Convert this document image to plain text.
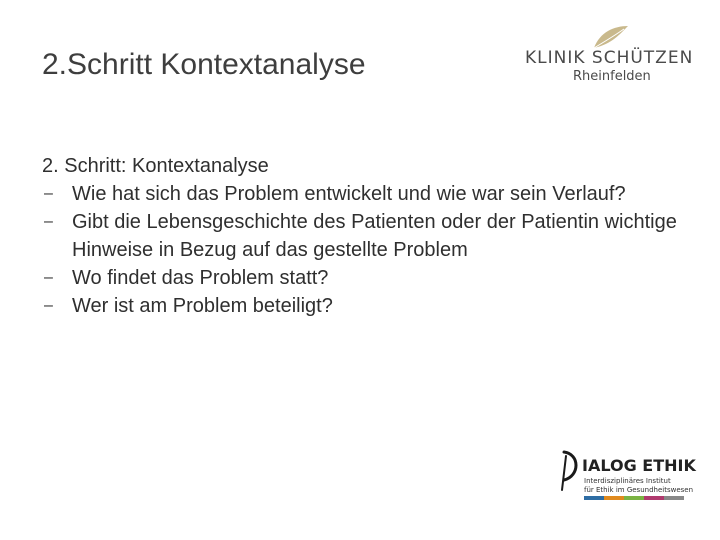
2.Schritt Kontextanalyse	KLINIK SCHÜTZEN
Rheinfelden

2. Schritt: Kontextanalyse

– Wie hat sich das Problem entwickelt und wie war sein Verlauf?
– Gibt die Lebensgeschichte des Patienten oder der Patientin wichtige Hinweise in Bezug auf das gestellte Problem
– Wo findet das Problem statt?
– Wer ist am Problem beteiligt?
IALOG ETHIK
Interdisziplinäres Institut
für Ethik im Gesundheitswesen
